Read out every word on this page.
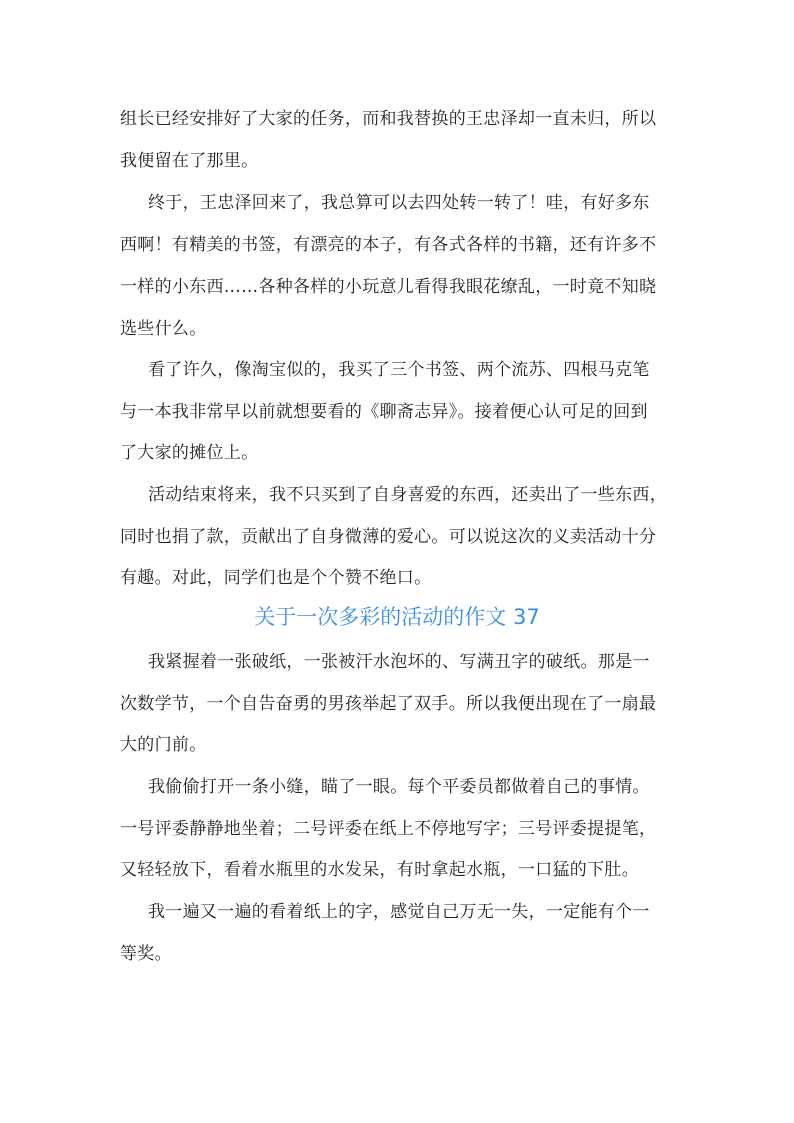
组长已经安排好了大家的任务，而和我替换的王忠泽却一直未归，所以
我便留在了那里。
终于，王忠泽回来了，我总算可以去四处转一转了！哇，有好多东
西啊！有精美的书签，有漂亮的本子，有各式各样的书籍，还有许多不
一样的小东西……各种各样的小玩意儿看得我眼花缭乱，一时竟不知晓
选些什么。
看了许久，像淘宝似的，我买了三个书签、两个流苏、四根马克笔
与一本我非常早以前就想要看的《聊斋志异》。接着便心认可足的回到
了大家的摊位上。
活动结束将来，我不只买到了自身喜爱的东西，还卖出了一些东西，
同时也捐了款，贡献出了自身微薄的爱心。可以说这次的义卖活动十分
有趣。对此，同学们也是个个赞不绝口。
关于一次多彩的活动的作文 37
我紧握着一张破纸，一张被汗水泡坏的、写满丑字的破纸。那是一
次数学节，一个自告奋勇的男孩举起了双手。所以我便出现在了一扇最
大的门前。
我偷偷打开一条小缝，瞄了一眼。每个平委员都做着自己的事情。
一号评委静静地坐着；二号评委在纸上不停地写字；三号评委提提笔，
又轻轻放下，看着水瓶里的水发呆，有时拿起水瓶，一口猛的下肚。
我一遍又一遍的看着纸上的字，感觉自己万无一失，一定能有个一
等奖。
